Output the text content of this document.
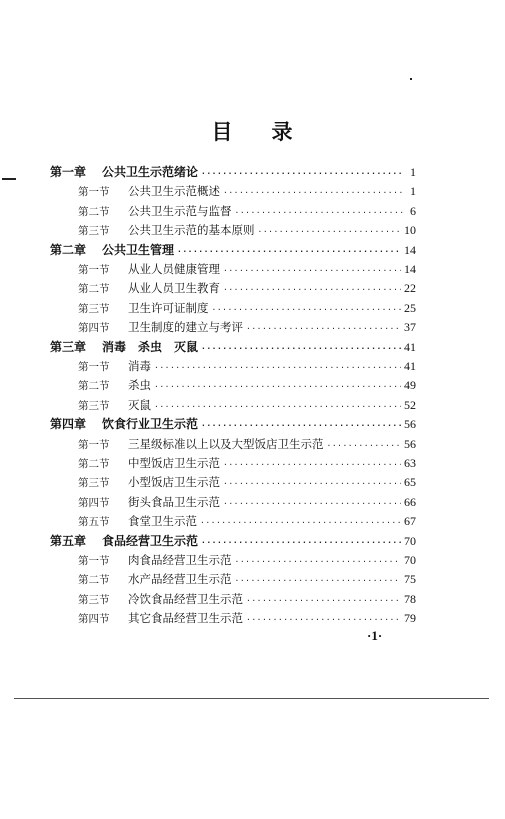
目 录
第一章	公共卫生示范绪论 ·····	1
第一节	公共卫生示范概述 ·····	1
第二节	公共卫生示范与监督 ·····	6
第三节	公共卫生示范的基本原则 ·····	10
第二章	公共卫生管理 ·····	14
第一节	从业人员健康管理 ·····	14
第二节	从业人员卫生教育 ·····	22
第三节	卫生许可证制度 ·····	25
第四节	卫生制度的建立与考评 ·····	37
第三章	消毒　杀虫　灭鼠 ·····	41
第一节	消毒 ·····	41
第二节	杀虫 ·····	49
第三节	灭鼠 ·····	52
第四章	饮食行业卫生示范 ·····	56
第一节	三星级标准以上以及大型饭店卫生示范 ·····	56
第二节	中型饭店卫生示范 ·····	63
第三节	小型饭店卫生示范 ·····	65
第四节	街头食品卫生示范 ·····	66
第五节	食堂卫生示范 ·····	67
第五章	食品经营卫生示范 ·····	70
第一节	肉食品经营卫生示范 ·····	70
第二节	水产品经营卫生示范 ·····	75
第三节	冷饮食品经营卫生示范 ·····	78
第四节	其它食品经营卫生示范 ·····	79
·1·
